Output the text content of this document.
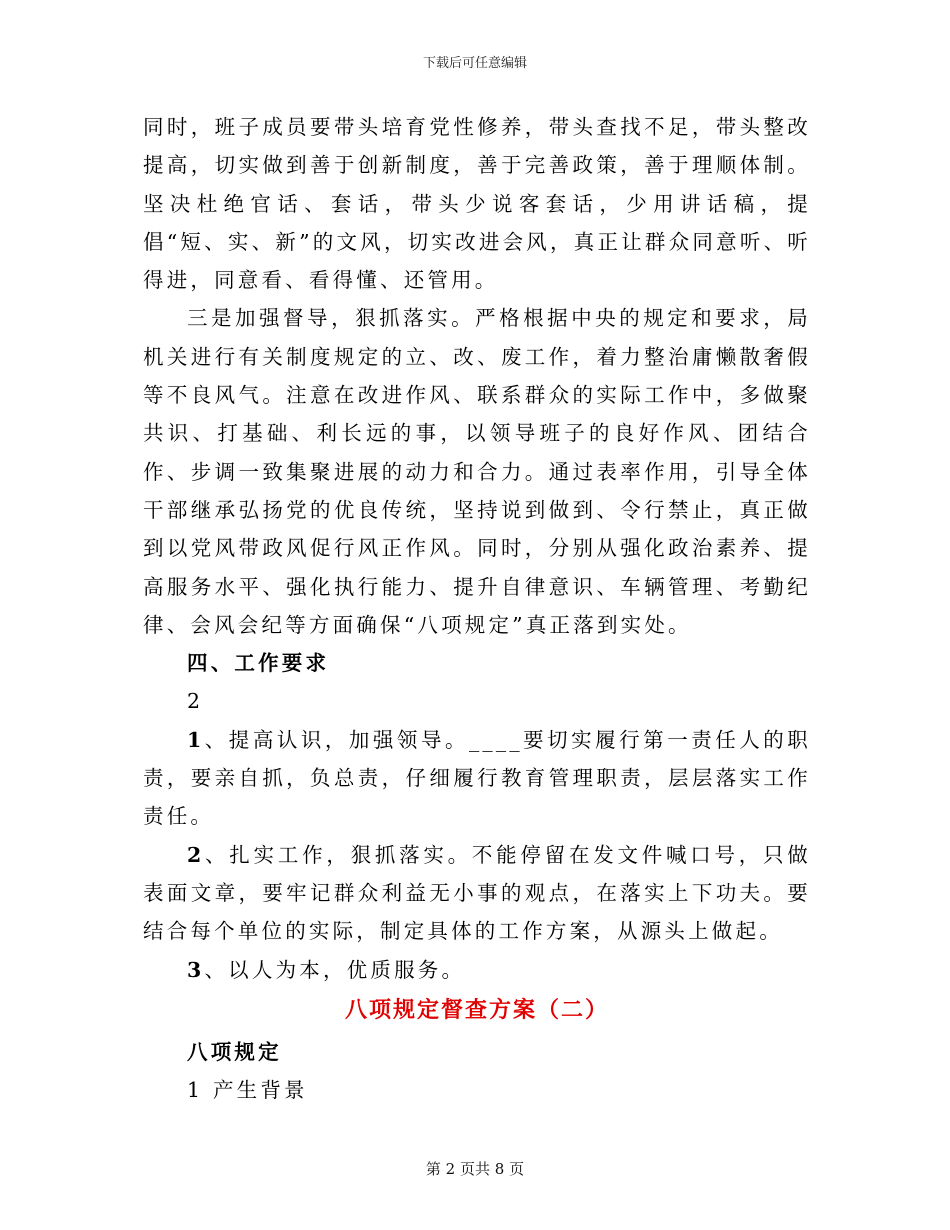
下载后可任意编辑

同时，班子成员要带头培育党性修养，带头查找不足，带头整改提高，切实做到善于创新制度，善于完善政策，善于理顺体制。坚决杜绝官话、套话，带头少说客套话，少用讲话稿，提倡“短、实、新”的文风，切实改进会风，真正让群众同意听、听得进，同意看、看得懂、还管用。

三是加强督导，狠抓落实。严格根据中央的规定和要求，局机关进行有关制度规定的立、改、废工作，着力整治庸懒散奢假等不良风气。注意在改进作风、联系群众的实际工作中，多做聚共识、打基础、利长远的事，以领导班子的良好作风、团结合作、步调一致集聚进展的动力和合力。通过表率作用，引导全体干部继承弘扬党的优良传统，坚持说到做到、令行禁止，真正做到以党风带政风促行风正作风。同时，分别从强化政治素养、提高服务水平、强化执行能力、提升自律意识、车辆管理、考勤纪律、会风会纪等方面确保“八项规定”真正落到实处。

四、工作要求

2

1、提高认识，加强领导。____要切实履行第一责任人的职责，要亲自抓，负总责，仔细履行教育管理职责，层层落实工作责任。

2、扎实工作，狠抓落实。不能停留在发文件喊口号，只做表面文章，要牢记群众利益无小事的观点，在落实上下功夫。要结合每个单位的实际，制定具体的工作方案，从源头上做起。

3、以人为本，优质服务。

八项规定督查方案（二）

八项规定

1 产生背景

第 2 页共 8 页
